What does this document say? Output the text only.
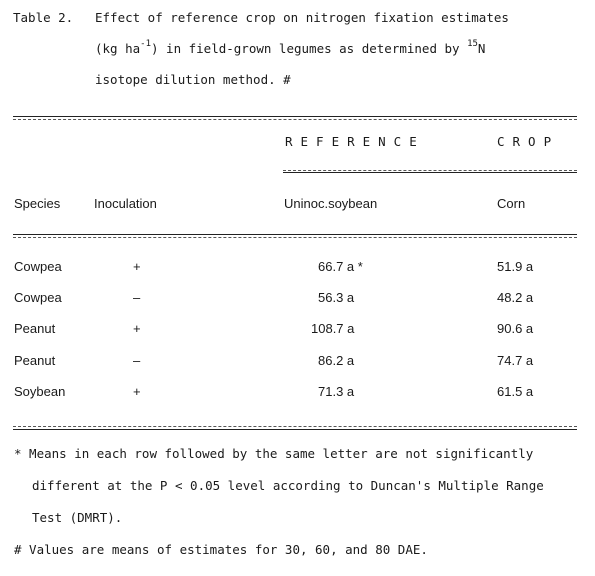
Table 2. Effect of reference crop on nitrogen fixation estimates
(kg $ha^{-1}$) in field-grown legumes as determined by $^{15}$N
isotope dilution method. #
REFERENCE	CROP
Species	Inoculation	Uninoc.soybean	Corn
Cowpea	+	66.7 a *	51.9 a
Cowpea	–	56.3 a	48.2 a
Peanut	+	108.7 a	90.6 a
Peanut	–	86.2 a	74.7 a
Soybean	+	71.3 a	61.5 a
* Means in each row followed by the same letter are not significantly
different at the P < 0.05 level according to Duncan's Multiple Range
Test (DMRT).
# Values are means of estimates for 30, 60, and 80 DAE.
